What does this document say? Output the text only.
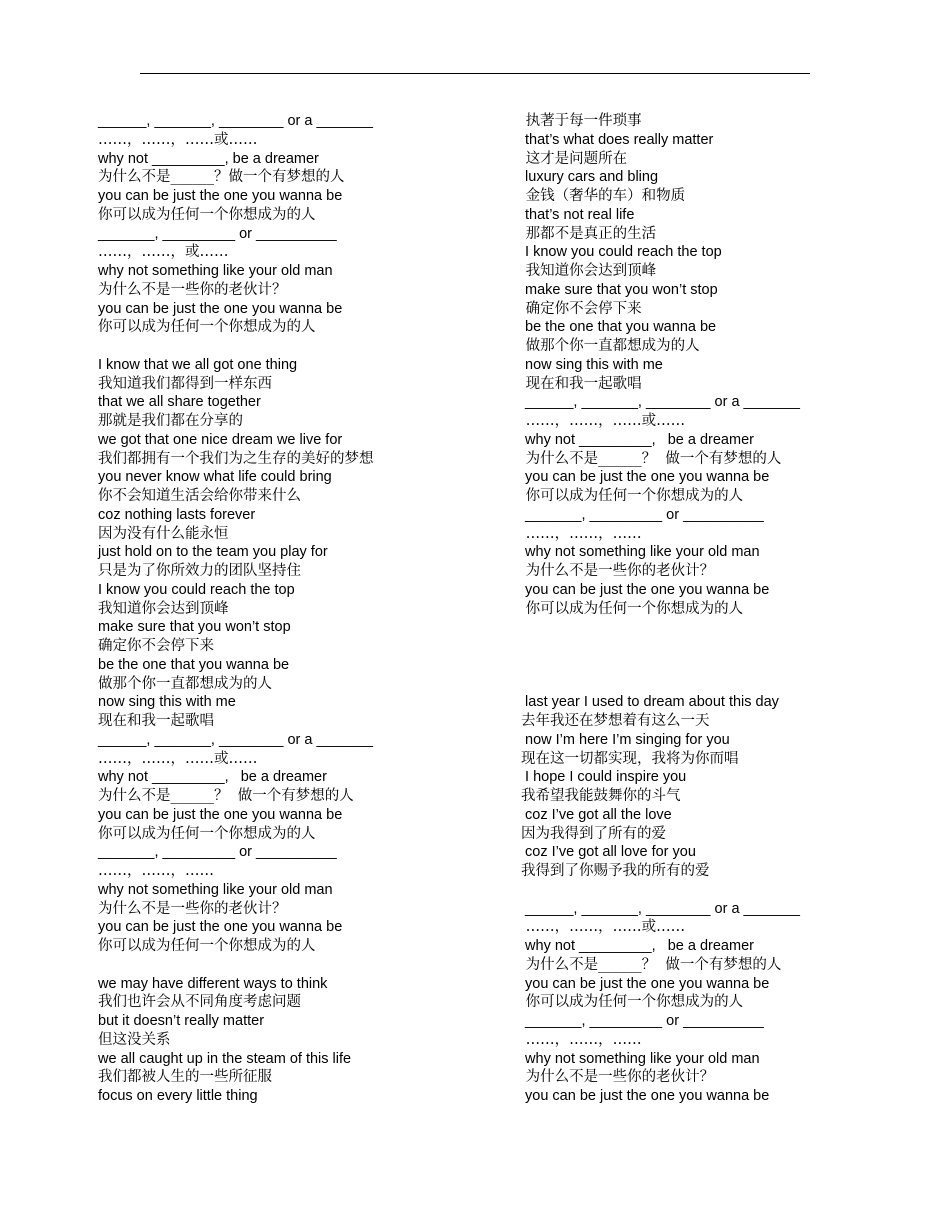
______, _______, ________ or a _______
……，……，……或……
why not _________, be a dreamer
为什么不是______？做一个有梦想的人
you can be just the one you wanna be
你可以成为任何一个你想成为的人
_______, _________ or __________
……，……，或……
why not something like your old man
为什么不是一些你的老伙计？
you can be just the one you wanna be
你可以成为任何一个你想成为的人
I know that we all got one thing
我知道我们都得到一样东西
that we all share together
那就是我们都在分享的
we got that one nice dream we live for
我们都拥有一个我们为之生存的美好的梦想
you never know what life could bring
你不会知道生活会给你带来什么
coz nothing lasts forever
因为没有什么能永恒
just hold on to the team you play for
只是为了你所效力的团队坚持住
I know you could reach the top
我知道你会达到顶峰
make sure that you won’t stop
确定你不会停下来
be the one that you wanna be
做那个你一直都想成为的人
now sing this with me
现在和我一起歌唱
______, _______, ________ or a _______
……，……，……或……
why not _________,   be a dreamer
为什么不是______？  做一个有梦想的人
you can be just the one you wanna be
你可以成为任何一个你想成为的人
_______, _________ or __________
……，……，……
why not something like your old man
为什么不是一些你的老伙计？
you can be just the one you wanna be
你可以成为任何一个你想成为的人
we may have different ways to think
我们也许会从不同角度考虑问题
but it doesn’t really matter
但这没关系
we all caught up in the steam of this life
我们都被人生的一些所征服
focus on every little thing
执著于每一件琐事
that’s what does really matter
这才是问题所在
luxury cars and bling
金钱（奢华的车）和物质
that’s not real life
那都不是真正的生活
I know you could reach the top
我知道你会达到顶峰
make sure that you won’t stop
确定你不会停下来
be the one that you wanna be
做那个你一直都想成为的人
now sing this with me
现在和我一起歌唱
______, _______, ________ or a _______
……，……，……或……
why not _________,   be a dreamer
为什么不是______？  做一个有梦想的人
you can be just the one you wanna be
你可以成为任何一个你想成为的人
_______, _________ or __________
……，……，……
why not something like your old man
为什么不是一些你的老伙计？
you can be just the one you wanna be
你可以成为任何一个你想成为的人
last year I used to dream about this day
去年我还在梦想着有这么一天
now I’m here I’m singing for you
现在这一切都实现，我将为你而唱
I hope I could inspire you
我希望我能鼓舞你的斗气
coz I’ve got all the love
因为我得到了所有的爱
coz I’ve got all love for you
我得到了你赐予我的所有的爱
______, _______, ________ or a _______
……，……，……或……
why not _________,   be a dreamer
为什么不是______？  做一个有梦想的人
you can be just the one you wanna be
你可以成为任何一个你想成为的人
_______, _________ or __________
……，……，……
why not something like your old man
为什么不是一些你的老伙计？
you can be just the one you wanna be
